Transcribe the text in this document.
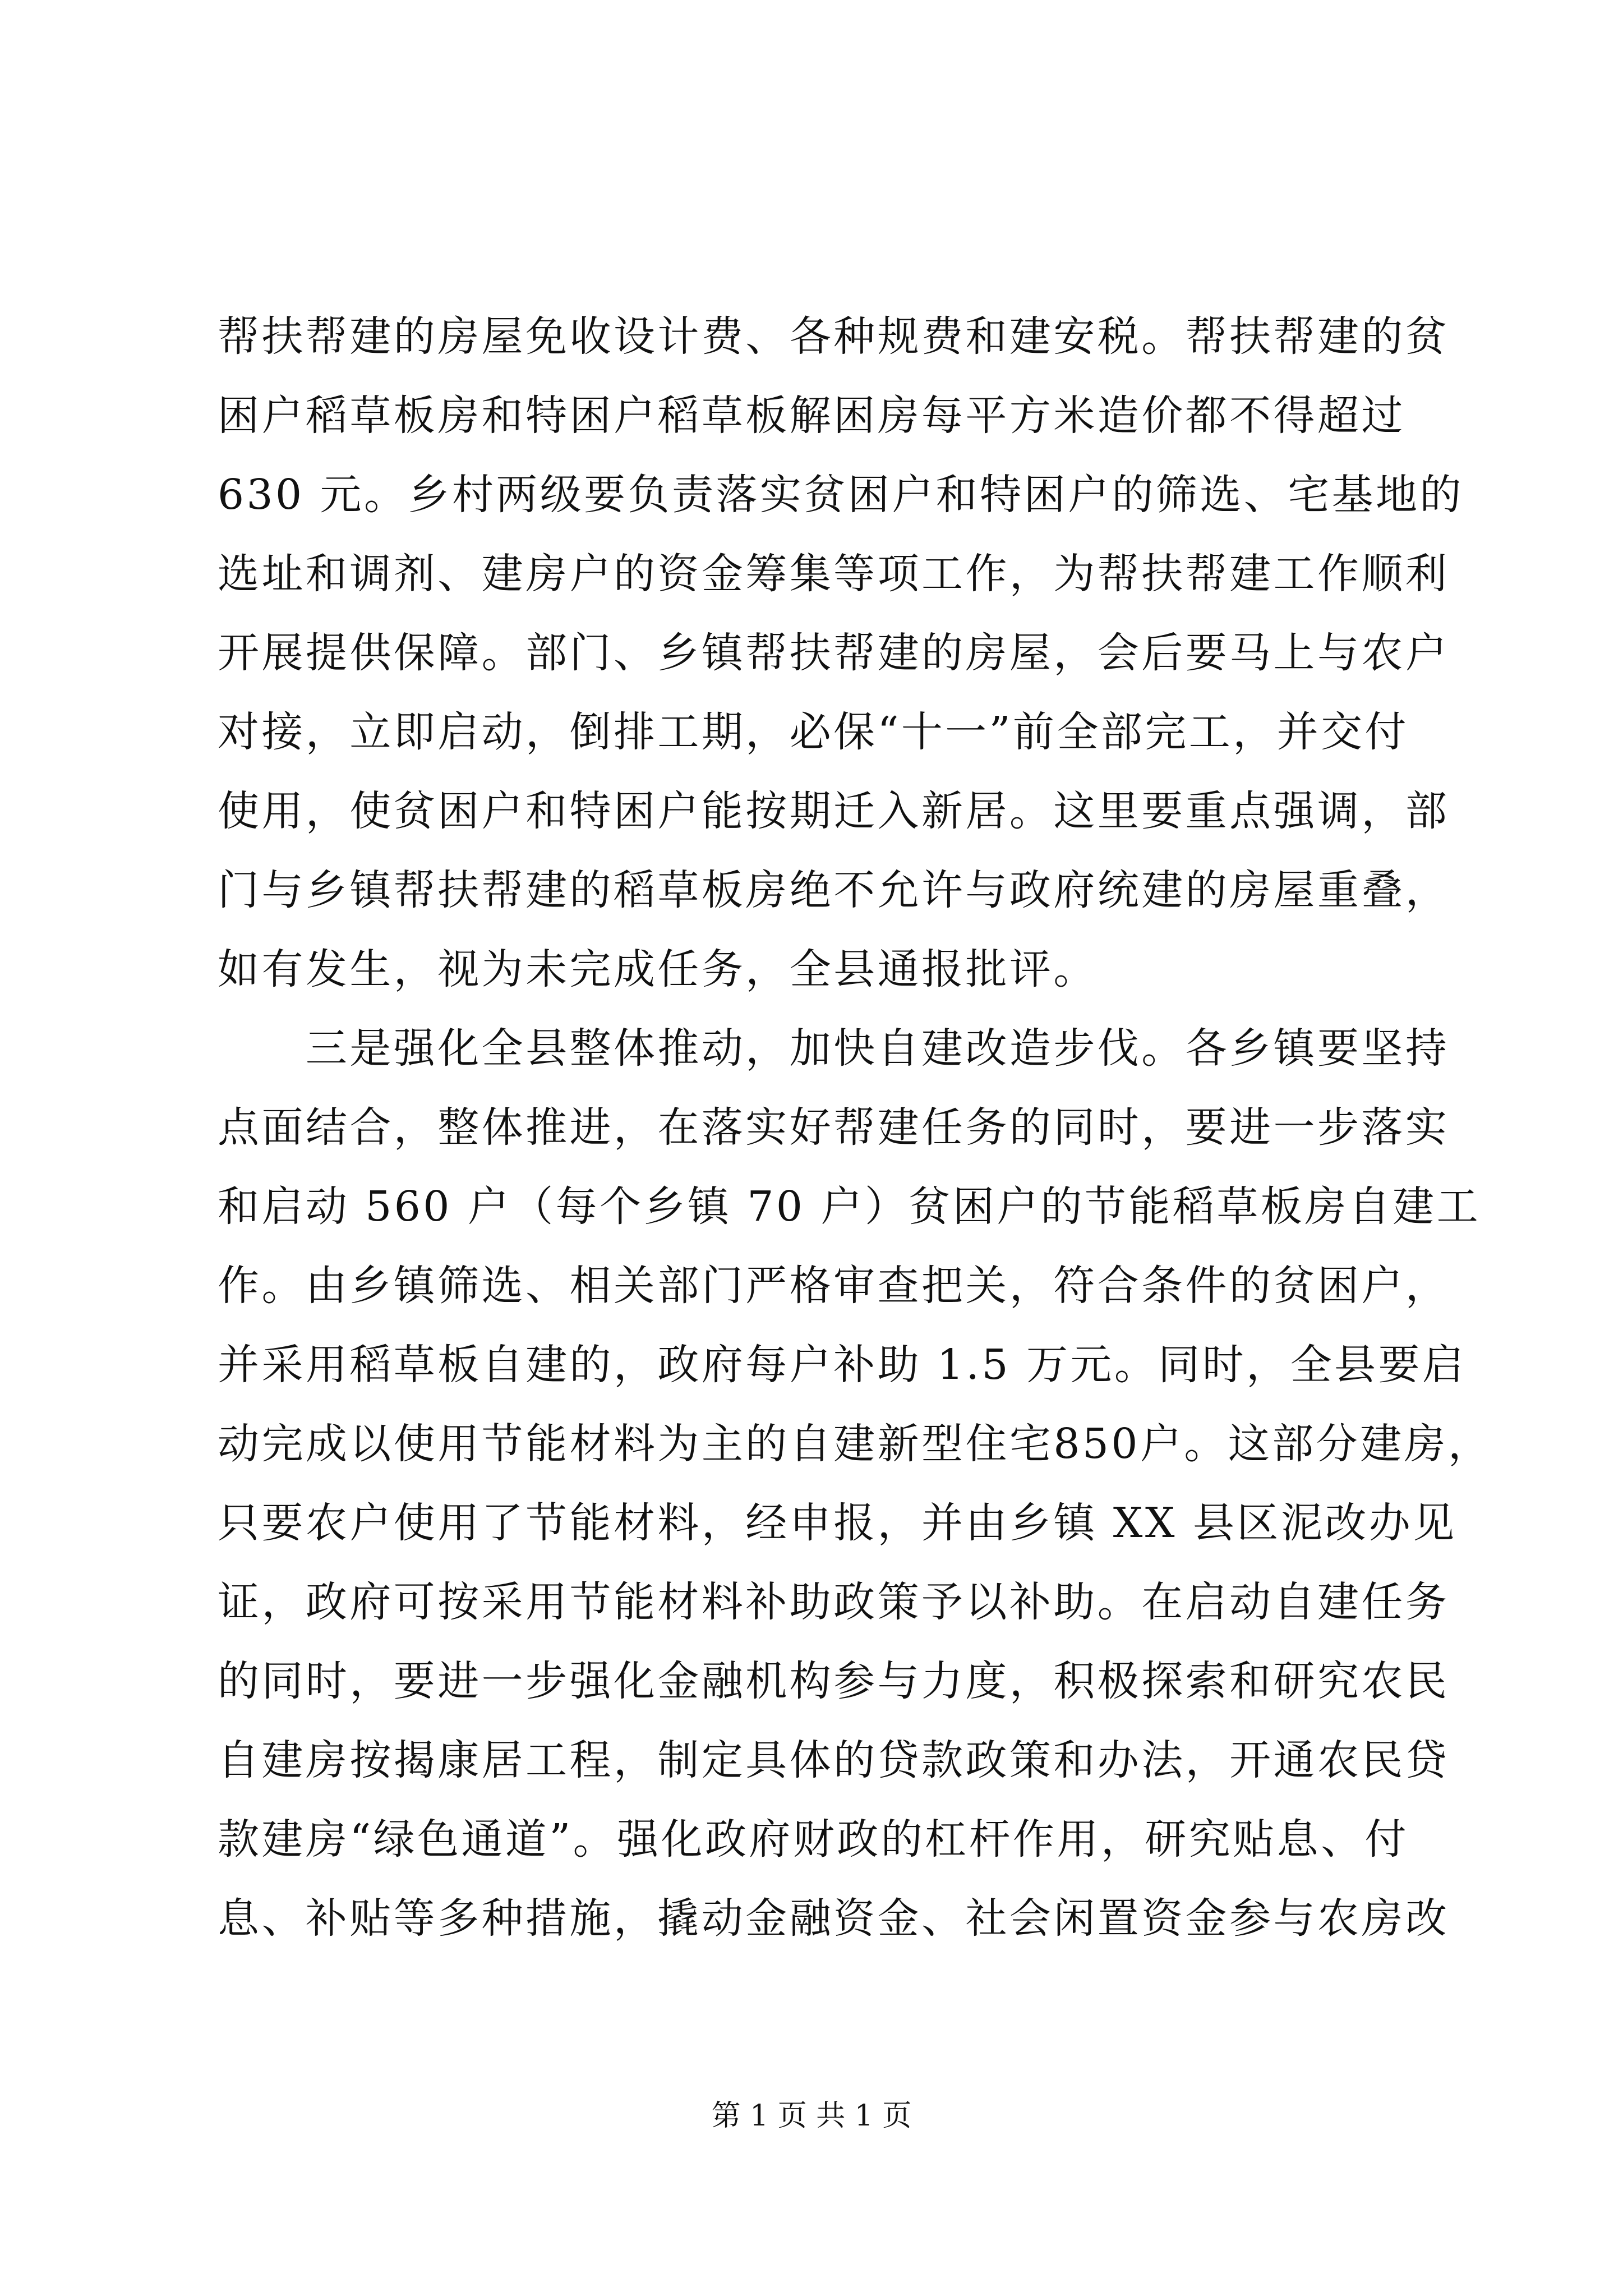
帮扶帮建的房屋免收设计费、各种规费和建安税。帮扶帮建的贫
困户稻草板房和特困户稻草板解困房每平方米造价都不得超过
630 元。乡村两级要负责落实贫困户和特困户的筛选、宅基地的
选址和调剂、建房户的资金筹集等项工作，为帮扶帮建工作顺利
开展提供保障。部门、乡镇帮扶帮建的房屋，会后要马上与农户
对接，立即启动，倒排工期，必保“十一”前全部完工，并交付
使用，使贫困户和特困户能按期迁入新居。这里要重点强调，部
门与乡镇帮扶帮建的稻草板房绝不允许与政府统建的房屋重叠，
如有发生，视为未完成任务，全县通报批评。
　　三是强化全县整体推动，加快自建改造步伐。各乡镇要坚持
点面结合，整体推进，在落实好帮建任务的同时，要进一步落实
和启动 560 户（每个乡镇 70 户）贫困户的节能稻草板房自建工
作。由乡镇筛选、相关部门严格审查把关，符合条件的贫困户，
并采用稻草板自建的，政府每户补助 1.5 万元。同时，全县要启
动完成以使用节能材料为主的自建新型住宅850户。这部分建房，
只要农户使用了节能材料，经申报，并由乡镇 XX 县区泥改办见
证，政府可按采用节能材料补助政策予以补助。在启动自建任务
的同时，要进一步强化金融机构参与力度，积极探索和研究农民
自建房按揭康居工程，制定具体的贷款政策和办法，开通农民贷
款建房“绿色通道”。强化政府财政的杠杆作用，研究贴息、付
息、补贴等多种措施，撬动金融资金、社会闲置资金参与农房改
第 1 页 共 1 页
